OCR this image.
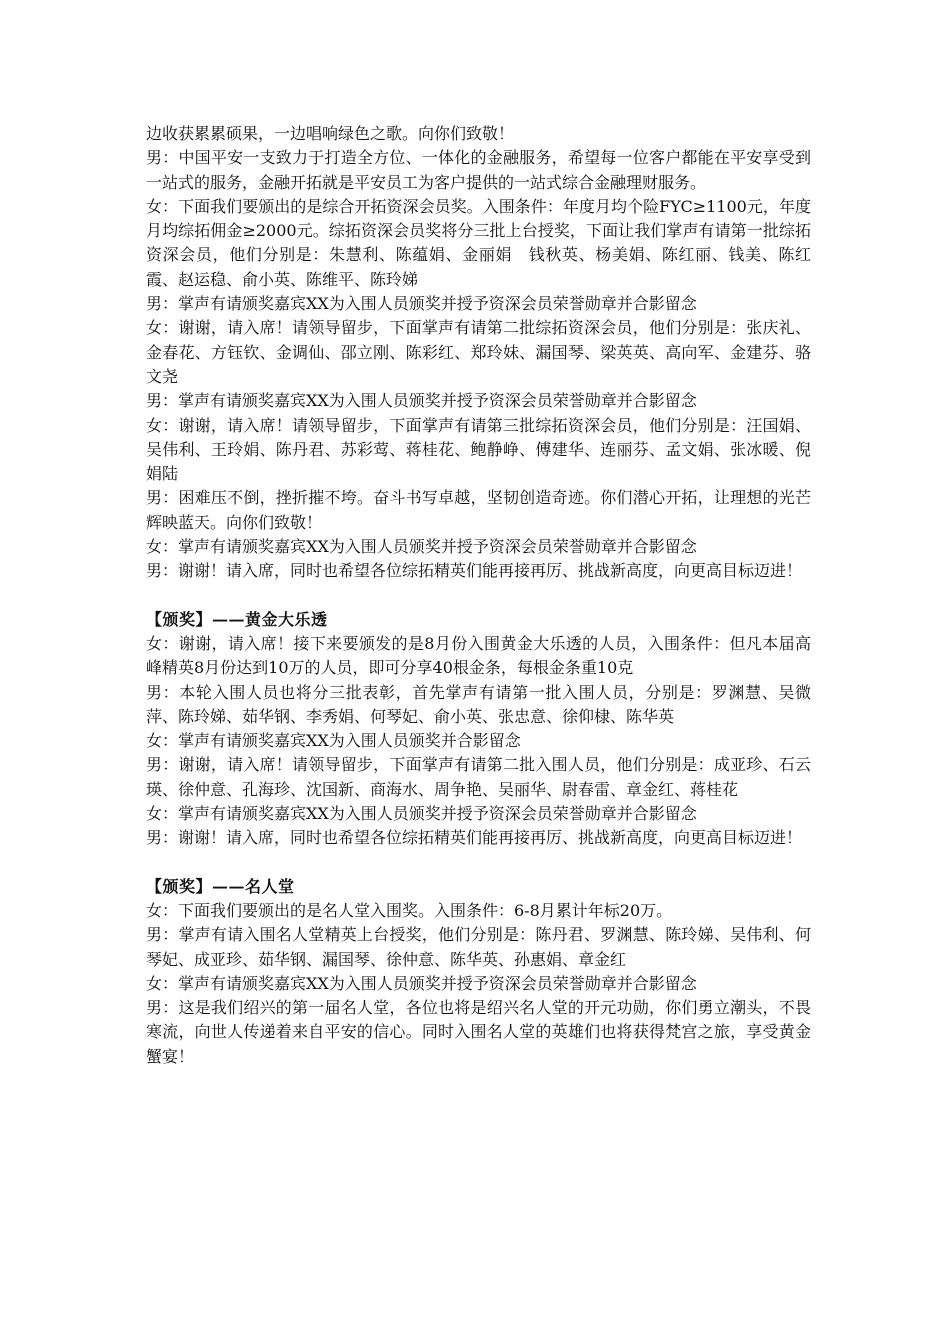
边收获累累硕果，一边唱响绿色之歌。向你们致敬！

男：中国平安一支致力于打造全方位、一体化的金融服务，希望每一位客户都能在平安享受到一站式的服务，金融开拓就是平安员工为客户提供的一站式综合金融理财服务。

女：下面我们要颁出的是综合开拓资深会员奖。入围条件：年度月均个险FYC≥1100元，年度月均综拓佣金≥2000元。综拓资深会员奖将分三批上台授奖，下面让我们掌声有请第一批综拓资深会员，他们分别是：朱慧利、陈蕴娟、金丽娟　钱秋英、杨美娟、陈红丽、钱美、陈红霞、赵运稳、俞小英、陈维平、陈玲娣

男：掌声有请颁奖嘉宾XX为入围人员颁奖并授予资深会员荣誉勋章并合影留念

女：谢谢，请入席！请领导留步，下面掌声有请第二批综拓资深会员，他们分别是：张庆礼、金春花、方钰钦、金调仙、邵立刚、陈彩红、郑玲妹、漏国琴、梁英英、高向军、金建芬、骆文尧

男：掌声有请颁奖嘉宾XX为入围人员颁奖并授予资深会员荣誉勋章并合影留念

女：谢谢，请入席！请领导留步，下面掌声有请第三批综拓资深会员，他们分别是：汪国娟、吴伟利、王玲娟、陈丹君、苏彩莺、蒋桂花、鲍静峥、傅建华、连丽芬、孟文娟、张冰暖、倪娟陆

男：困难压不倒，挫折摧不垮。奋斗书写卓越，坚韧创造奇迹。你们潜心开拓，让理想的光芒辉映蓝天。向你们致敬！

女：掌声有请颁奖嘉宾XX为入围人员颁奖并授予资深会员荣誉勋章并合影留念

男：谢谢！请入席，同时也希望各位综拓精英们能再接再厉、挑战新高度，向更高目标迈进！

【颁奖】——黄金大乐透

女：谢谢，请入席！接下来要颁发的是8月份入围黄金大乐透的人员，入围条件：但凡本届高峰精英8月份达到10万的人员，即可分享40根金条，每根金条重10克

男：本轮入围人员也将分三批表彰，首先掌声有请第一批入围人员，分别是：罗渊慧、吴微萍、陈玲娣、茹华钢、李秀娟、何琴妃、俞小英、张忠意、徐仰棣、陈华英

女：掌声有请颁奖嘉宾XX为入围人员颁奖并合影留念

男：谢谢，请入席！请领导留步，下面掌声有请第二批入围人员，他们分别是：成亚珍、石云瑛、徐仲意、孔海珍、沈国新、商海水、周争艳、吴丽华、尉春雷、章金红、蒋桂花

女：掌声有请颁奖嘉宾XX为入围人员颁奖并授予资深会员荣誉勋章并合影留念

男：谢谢！请入席，同时也希望各位综拓精英们能再接再厉、挑战新高度，向更高目标迈进！

【颁奖】——名人堂

女：下面我们要颁出的是名人堂入围奖。入围条件：6-8月累计年标20万。

男：掌声有请入围名人堂精英上台授奖，他们分别是：陈丹君、罗渊慧、陈玲娣、吴伟利、何琴妃、成亚珍、茹华钢、漏国琴、徐仲意、陈华英、孙惠娟、章金红

女：掌声有请颁奖嘉宾XX为入围人员颁奖并授予资深会员荣誉勋章并合影留念

男：这是我们绍兴的第一届名人堂，各位也将是绍兴名人堂的开元功勋，你们勇立潮头，不畏寒流，向世人传递着来自平安的信心。同时入围名人堂的英雄们也将获得梵宫之旅，享受黄金蟹宴！
